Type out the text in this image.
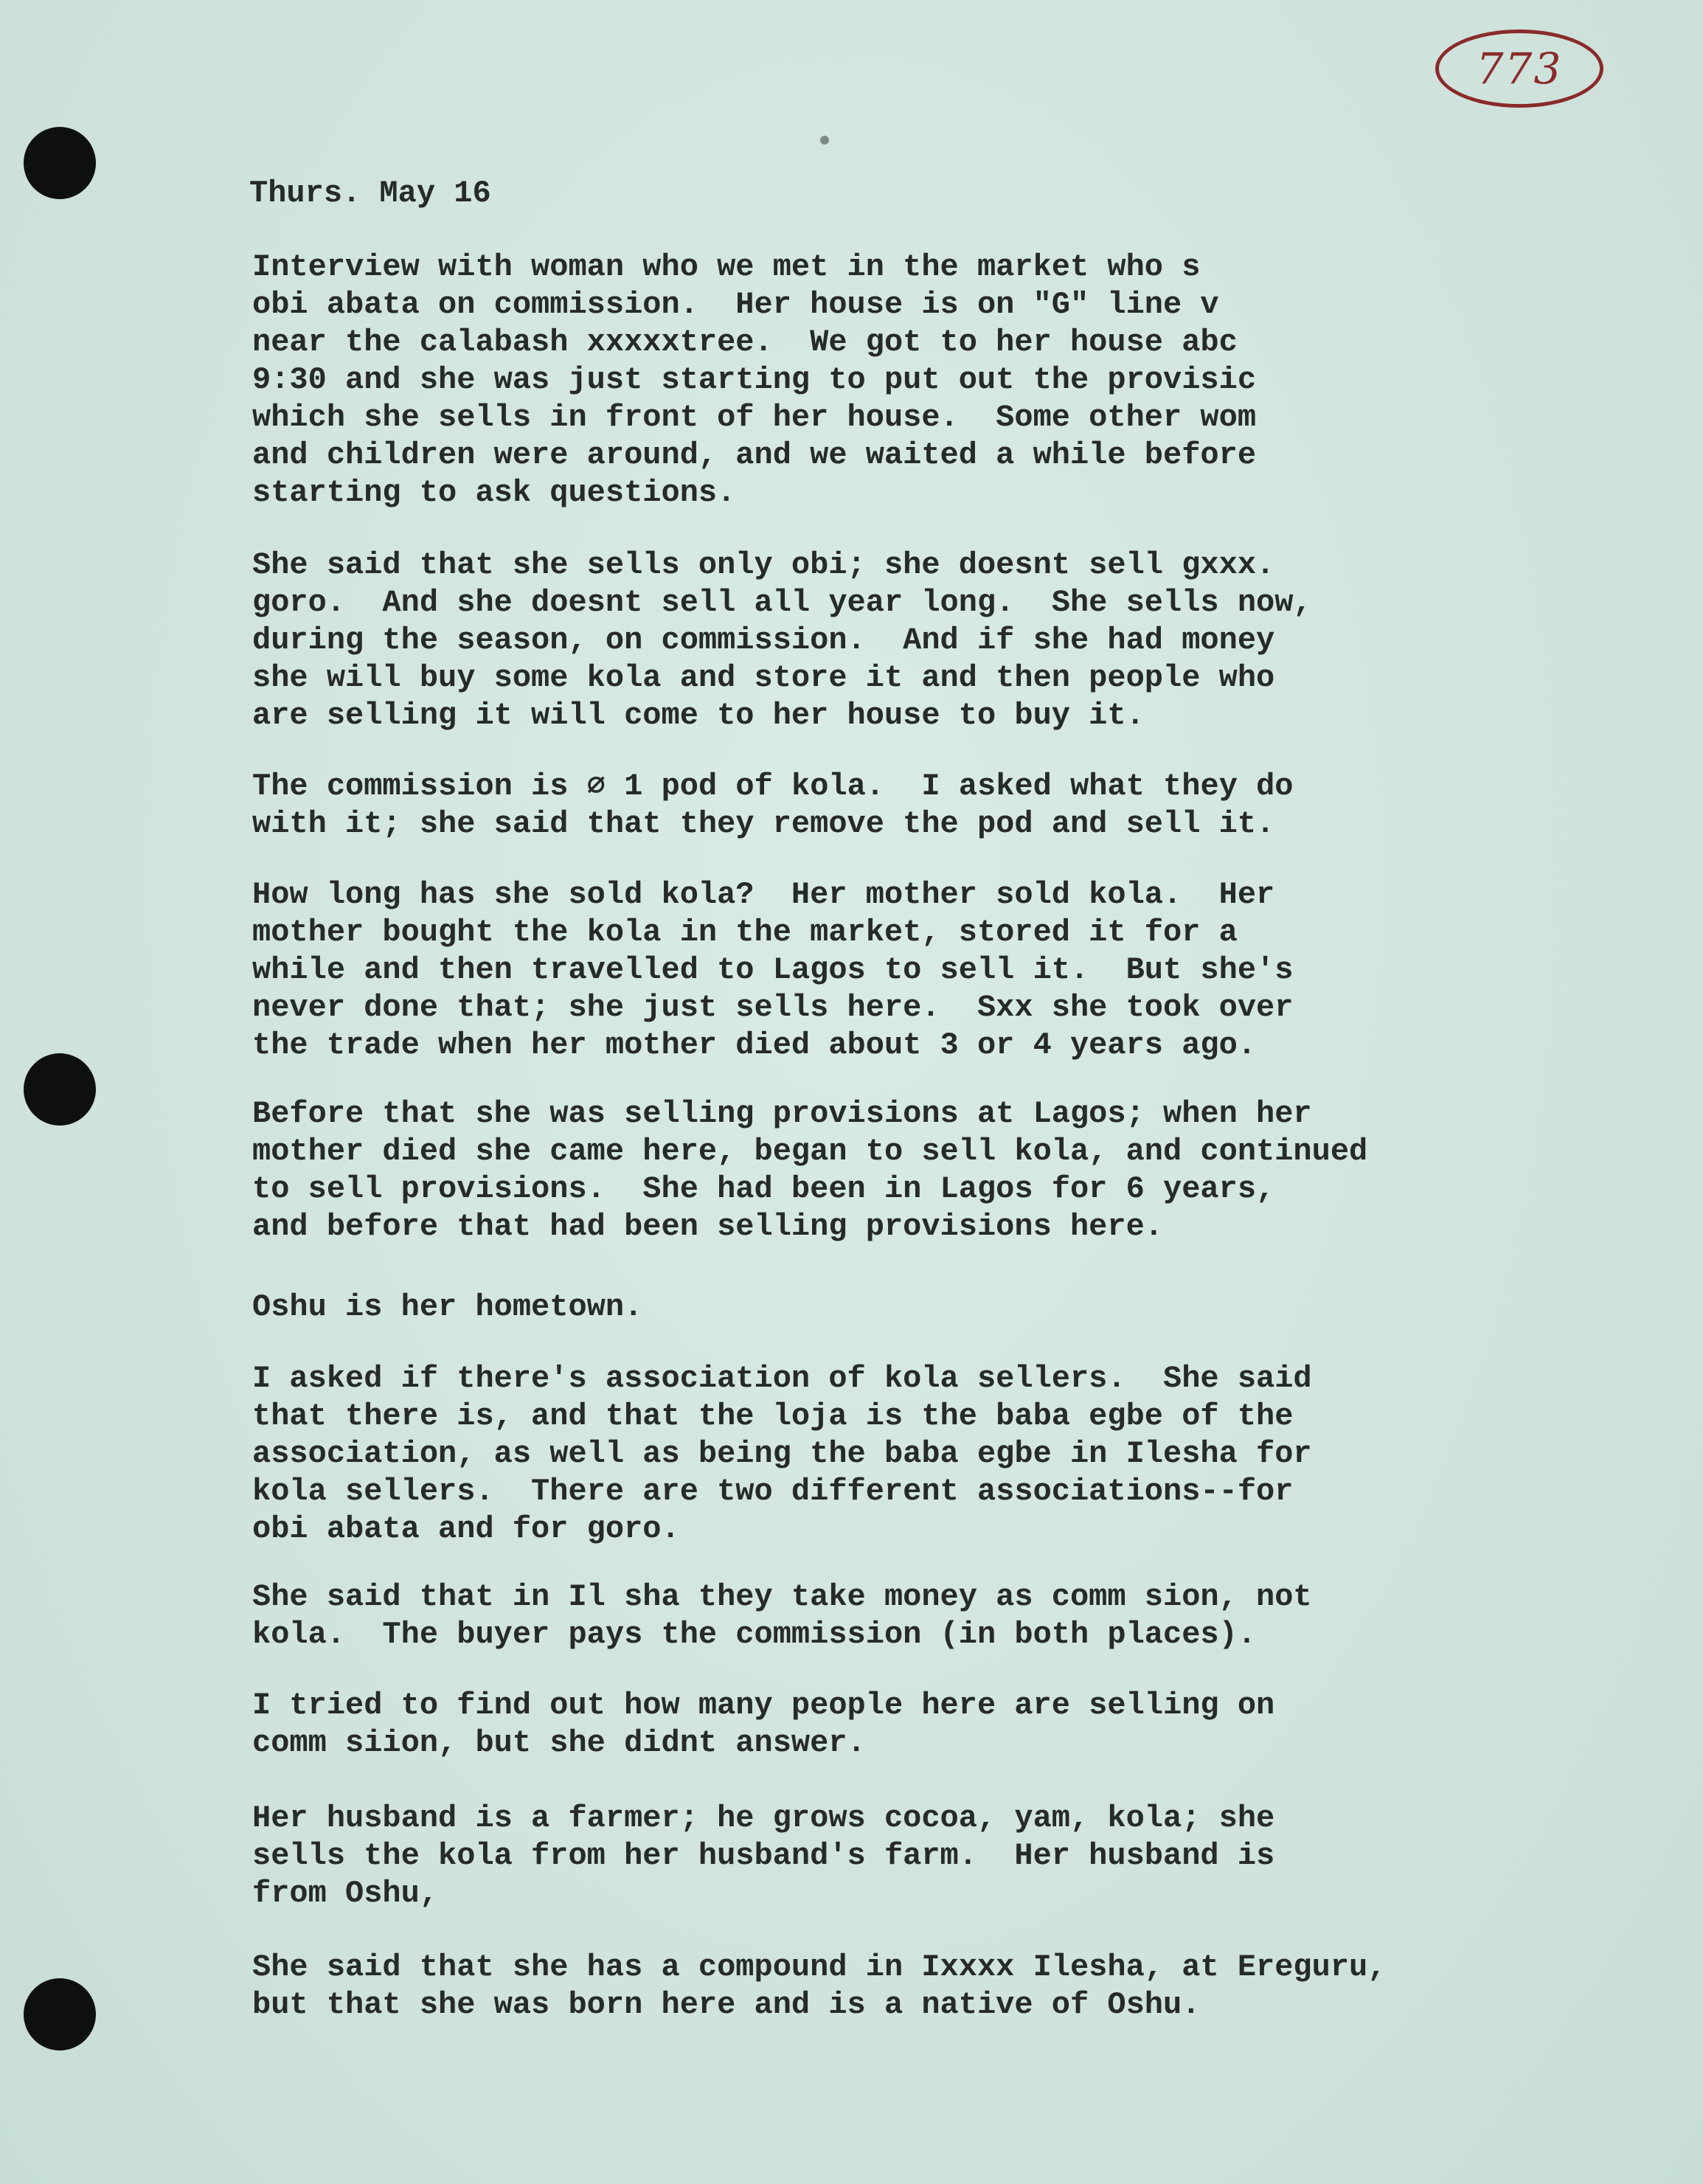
773
Thurs. May 16
Interview with woman who we met in the market who s
obi abata on commission.  Her house is on "G" line v
near the calabash xxxxxtree.  We got to her house abc
9:30 and she was just starting to put out the provisic
which she sells in front of her house.  Some other wom
and children were around, and we waited a while before
starting to ask questions.
She said that she sells only obi; she doesnt sell gxxx.
goro.  And she doesnt sell all year long.  She sells now,
during the season, on commission.  And if she had money
she will buy some kola and store it and then people who
are selling it will come to her house to buy it.
The commission is ∅ 1 pod of kola.  I asked what they do
with it; she said that they remove the pod and sell it.
How long has she sold kola?  Her mother sold kola.  Her
mother bought the kola in the market, stored it for a
while and then travelled to Lagos to sell it.  But she's
never done that; she just sells here.  Sxx she took over
the trade when her mother died about 3 or 4 years ago.
Before that she was selling provisions at Lagos; when her
mother died she came here, began to sell kola, and continued
to sell provisions.  She had been in Lagos for 6 years,
and before that had been selling provisions here.
Oshu is her hometown.
I asked if there's association of kola sellers.  She said
that there is, and that the loja is the baba egbe of the
association, as well as being the baba egbe in Ilesha for
kola sellers.  There are two different associations--for
obi abata and for goro.
She said that in Il sha they take money as comm sion, not
kola.  The buyer pays the commission (in both places).
I tried to find out how many people here are selling on
comm siion, but she didnt answer.
Her husband is a farmer; he grows cocoa, yam, kola; she
sells the kola from her husband's farm.  Her husband is
from Oshu,
She said that she has a compound in Ixxxx Ilesha, at Ereguru,
but that she was born here and is a native of Oshu.
